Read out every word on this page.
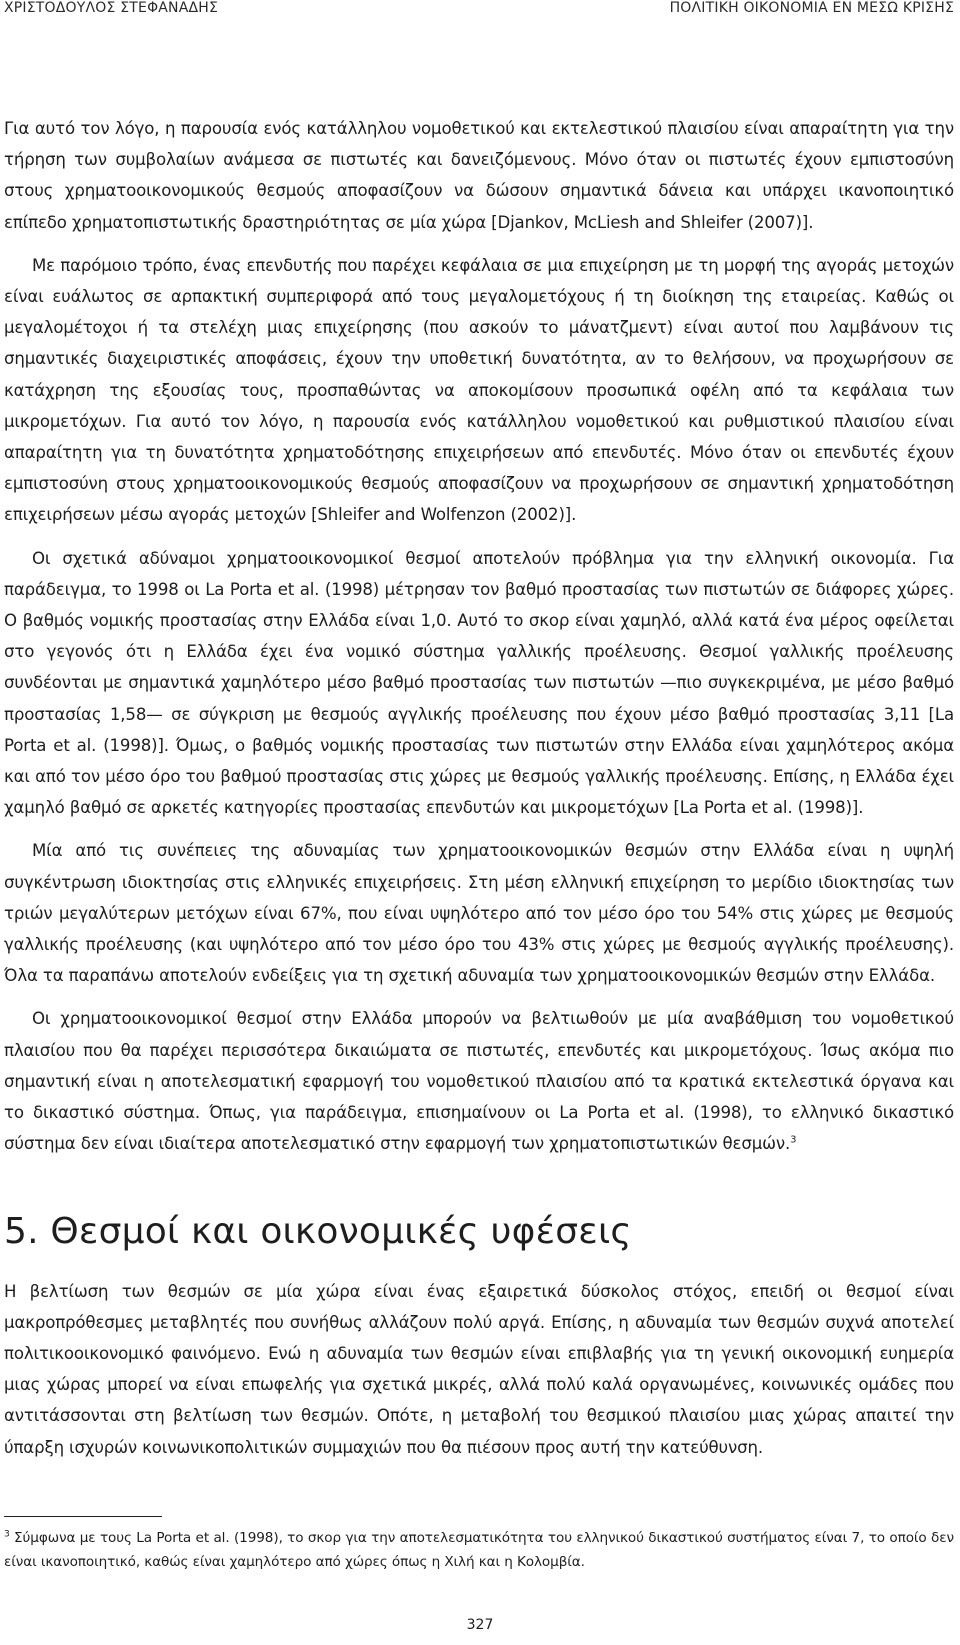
ΧΡΙΣΤΟΔΟΥΛΟΣ ΣΤΕΦΑΝΑΔΗΣ	ΠΟΛΙΤΙΚΗ ΟΙΚΟΝΟΜΙΑ ΕΝ ΜΕΣΩ ΚΡΙΣΗΣ

Για αυτό τον λόγο, η παρουσία ενός κατάλληλου νομοθετικού και εκτελεστικού πλαισίου είναι απαραίτητη για την τήρηση των συμβολαίων ανάμεσα σε πιστωτές και δανειζόμενους. Μόνο όταν οι πιστωτές έχουν εμπιστοσύνη στους χρηματοοικονομικούς θεσμούς αποφασίζουν να δώσουν σημαντικά δάνεια και υπάρχει ικανοποιητικό επίπεδο χρηματοπιστωτικής δραστηριότητας σε μία χώρα [Djankov, McLiesh and Shleifer (2007)].

Με παρόμοιο τρόπο, ένας επενδυτής που παρέχει κεφάλαια σε μια επιχείρηση με τη μορφή της αγοράς μετοχών είναι ευάλωτος σε αρπακτική συμπεριφορά από τους μεγαλομετόχους ή τη διοίκηση της εταιρείας. Καθώς οι μεγαλομέτοχοι ή τα στελέχη μιας επιχείρησης (που ασκούν το μάνατζμεντ) είναι αυτοί που λαμβάνουν τις σημαντικές διαχειριστικές αποφάσεις, έχουν την υποθετική δυνατότητα, αν το θελήσουν, να προχωρήσουν σε κατάχρηση της εξουσίας τους, προσπαθώντας να αποκομίσουν προσωπικά οφέλη από τα κεφάλαια των μικρομετόχων. Για αυτό τον λόγο, η παρουσία ενός κατάλληλου νομοθετικού και ρυθμιστικού πλαισίου είναι απαραίτητη για τη δυνατότητα χρηματοδότησης επιχειρήσεων από επενδυτές. Μόνο όταν οι επενδυτές έχουν εμπιστοσύνη στους χρηματοοικονομικούς θεσμούς αποφασίζουν να προχωρήσουν σε σημαντική χρηματοδότηση επιχειρήσεων μέσω αγοράς μετοχών [Shleifer and Wolfenzon (2002)].

Οι σχετικά αδύναμοι χρηματοοικονομικοί θεσμοί αποτελούν πρόβλημα για την ελληνική οικονομία. Για παράδειγμα, το 1998 οι La Porta et al. (1998) μέτρησαν τον βαθμό προστασίας των πιστωτών σε διάφορες χώρες. Ο βαθμός νομικής προστασίας στην Ελλάδα είναι 1,0. Αυτό το σκορ είναι χαμηλό, αλλά κατά ένα μέρος οφείλεται στο γεγονός ότι η Ελλάδα έχει ένα νομικό σύστημα γαλλικής προέλευσης. Θεσμοί γαλλικής προέλευσης συνδέονται με σημαντικά χαμηλότερο μέσο βαθμό προστασίας των πιστωτών —πιο συγκεκριμένα, με μέσο βαθμό προστασίας 1,58— σε σύγκριση με θεσμούς αγγλικής προέλευσης που έχουν μέσο βαθμό προστασίας 3,11 [La Porta et al. (1998)]. Όμως, ο βαθμός νομικής προστασίας των πιστωτών στην Ελλάδα είναι χαμηλότερος ακόμα και από τον μέσο όρο του βαθμού προστασίας στις χώρες με θεσμούς γαλλικής προέλευσης. Επίσης, η Ελλάδα έχει χαμηλό βαθμό σε αρκετές κατηγορίες προστασίας επενδυτών και μικρομετόχων [La Porta et al. (1998)].

Μία από τις συνέπειες της αδυναμίας των χρηματοοικονομικών θεσμών στην Ελλάδα είναι η υψηλή συγκέντρωση ιδιοκτησίας στις ελληνικές επιχειρήσεις. Στη μέση ελληνική επιχείρηση το μερίδιο ιδιοκτησίας των τριών μεγαλύτερων μετόχων είναι 67%, που είναι υψηλότερο από τον μέσο όρο του 54% στις χώρες με θεσμούς γαλλικής προέλευσης (και υψηλότερο από τον μέσο όρο του 43% στις χώρες με θεσμούς αγγλικής προέλευσης). Όλα τα παραπάνω αποτελούν ενδείξεις για τη σχετική αδυναμία των χρηματοοικονομικών θεσμών στην Ελλάδα.

Οι χρηματοοικονομικοί θεσμοί στην Ελλάδα μπορούν να βελτιωθούν με μία αναβάθμιση του νομοθετικού πλαισίου που θα παρέχει περισσότερα δικαιώματα σε πιστωτές, επενδυτές και μικρομετόχους. Ίσως ακόμα πιο σημαντική είναι η αποτελεσματική εφαρμογή του νομοθετικού πλαισίου από τα κρατικά εκτελεστικά όργανα και το δικαστικό σύστημα. Όπως, για παράδειγμα, επισημαίνουν οι La Porta et al. (1998), το ελληνικό δικαστικό σύστημα δεν είναι ιδιαίτερα αποτελεσματικό στην εφαρμογή των χρηματοπιστωτικών θεσμών.$^3$

5. Θεσμοί και οικονομικές υφέσεις

Η βελτίωση των θεσμών σε μία χώρα είναι ένας εξαιρετικά δύσκολος στόχος, επειδή οι θεσμοί είναι μακροπρόθεσμες μεταβλητές που συνήθως αλλάζουν πολύ αργά. Επίσης, η αδυναμία των θεσμών συχνά αποτελεί πολιτικοοικονομικό φαινόμενο. Ενώ η αδυναμία των θεσμών είναι επιβλαβής για τη γενική οικονομική ευημερία μιας χώρας μπορεί να είναι επωφελής για σχετικά μικρές, αλλά πολύ καλά οργανωμένες, κοινωνικές ομάδες που αντιτάσσονται στη βελτίωση των θεσμών. Οπότε, η μεταβολή του θεσμικού πλαισίου μιας χώρας απαιτεί την ύπαρξη ισχυρών κοινωνικοπολιτικών συμμαχιών που θα πιέσουν προς αυτή την κατεύθυνση.

$^3$ Σύμφωνα με τους La Porta et al. (1998), το σκορ για την αποτελεσματικότητα του ελληνικού δικαστικού συστήματος είναι 7, το οποίο δεν είναι ικανοποιητικό, καθώς είναι χαμηλότερο από χώρες όπως η Χιλή και η Κολομβία.
327
